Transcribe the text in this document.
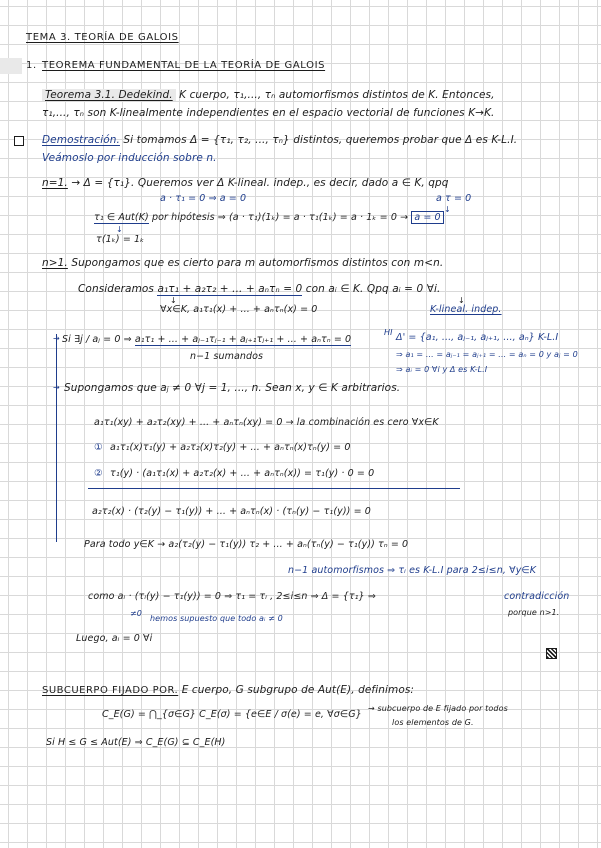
TEMA 3. TEORÍA DE GALOIS
1. TEOREMA FUNDAMENTAL DE LA TEORÍA DE GALOIS
Teorema 3.1. Dedekind. K cuerpo, τ₁,..., τₙ automorfismos distintos de K. Entonces,
τ₁,..., τₙ son K-linealmente independientes en el espacio vectorial de funciones K→K.
Demostración. Si tomamos Δ = {τ₁, τ₂, ..., τₙ} distintos, queremos probar que Δ es K-L.I.
Veámoslo por inducción sobre n.
n=1. → Δ = {τ₁}. Queremos ver Δ K-lineal. indep., es decir, dado a ∈ K, qpq
a · τ₁ = 0 ⇒ a = 0	a τ = 0
↓
τ₁ ∈ Aut(K) por hipótesis ⇒ (a · τ₁)(1ₖ) = a · τ₁(1ₖ) = a · 1ₖ = 0 → a = 0
↓
τ(1ₖ) = 1ₖ
n>1. Supongamos que es cierto para m automorfismos distintos con m<n.
Consideramos a₁τ₁ + a₂τ₂ + ... + aₙτₙ = 0 con aᵢ ∈ K. Qpq aᵢ = 0 ∀i.
↓	↓
∀x∈K, a₁τ₁(x) + ... + aₙτₙ(x) = 0	K-lineal. indep.
→ Si ∃j / aⱼ = 0 ⇒ a₁τ₁ + ... + aⱼ₋₁τⱼ₋₁ + aⱼ₊₁τⱼ₊₁ + ... + aₙτₙ = 0
n−1 sumandos
HI Δ' = {a₁, ..., aⱼ₋₁, aⱼ₊₁, ..., aₙ} K-L.I
⇒ a₁ = ... = aⱼ₋₁ = aⱼ₊₁ = ... = aₙ = 0 y aⱼ = 0
⇒ aᵢ = 0 ∀i y Δ es K-L.I
→ Supongamos que aⱼ ≠ 0 ∀j = 1, ..., n. Sean x, y ∈ K arbitrarios.
a₁τ₁(xy) + a₂τ₂(xy) + ... + aₙτₙ(xy) = 0 → la combinación es cero ∀x∈K
① a₁τ₁(x)τ₁(y) + a₂τ₂(x)τ₂(y) + ... + aₙτₙ(x)τₙ(y) = 0
② τ₁(y) · (a₁τ₁(x) + a₂τ₂(x) + ... + aₙτₙ(x)) = τ₁(y) · 0 = 0
a₂τ₂(x) · (τ₂(y) − τ₁(y)) + ... + aₙτₙ(x) · (τₙ(y) − τ₁(y)) = 0
Para todo y∈K → a₂(τ₂(y) − τ₁(y)) τ₂ + ... + aₙ(τₙ(y) − τ₁(y)) τₙ = 0
n−1 automorfismos ⇒ τᵢ es K-L.I para 2≤i≤n, ∀y∈K
como aᵢ · (τᵢ(y) − τ₁(y)) = 0 ⇒ τ₁ = τᵢ , 2≤i≤n ⇒ Δ = {τ₁} ⇒	contradicción
porque n>1.
≠0
hemos supuesto que todo aᵢ ≠ 0
Luego, aᵢ = 0 ∀i
SUBCUERPO FIJADO POR. E cuerpo, G subgrupo de Aut(E), definimos:
C_E(G) = ⋂_{σ∈G} C_E(σ) = {e∈E / σ(e) = e, ∀σ∈G}
→ subcuerpo de E fijado por todos
los elementos de G.
Si H ≤ G ≤ Aut(E) ⇒ C_E(G) ⊆ C_E(H)
